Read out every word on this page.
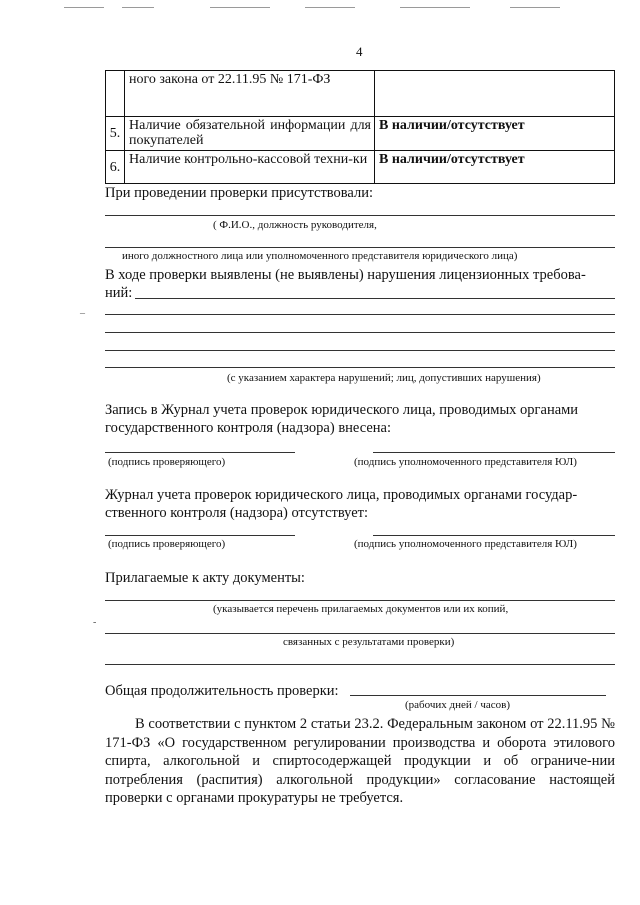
4
	ного закона от 22.11.95 № 171-ФЗ	
5.	Наличие обязательной информации для покупателей	В наличии/отсутствует
6.	Наличие контрольно-кассовой техни-ки	В наличии/отсутствует
При проведении проверки присутствовали:
( Ф.И.О., должность руководителя,
иного должностного лица или уполномоченного представителя юридического лица)
В ходе проверки выявлены (не выявлены) нарушения лицензионных требова-
ний:
–
(с указанием характера нарушений; лиц, допустивших нарушения)
Запись в Журнал учета проверок юридического лица, проводимых органами
государственного контроля (надзора) внесена:
(подпись проверяющего)	(подпись уполномоченного представителя ЮЛ)
Журнал учета проверок юридического лица, проводимых органами государ-
ственного контроля (надзора) отсутствует:
(подпись проверяющего)	(подпись уполномоченного представителя ЮЛ)
Прилагаемые к акту документы:
(указывается перечень прилагаемых документов или их копий,
-
связанных с результатами проверки)
Общая продолжительность проверки:
(рабочих дней / часов)
В соответствии с пунктом 2 статьи 23.2. Федеральным законом от 22.11.95 № 171-ФЗ «О государственном регулировании производства и оборота этилового спирта, алкогольной и спиртосодержащей продукции и об ограниче-нии потребления (распития) алкогольной продукции» согласование настоящей проверки с органами прокуратуры не требуется.
